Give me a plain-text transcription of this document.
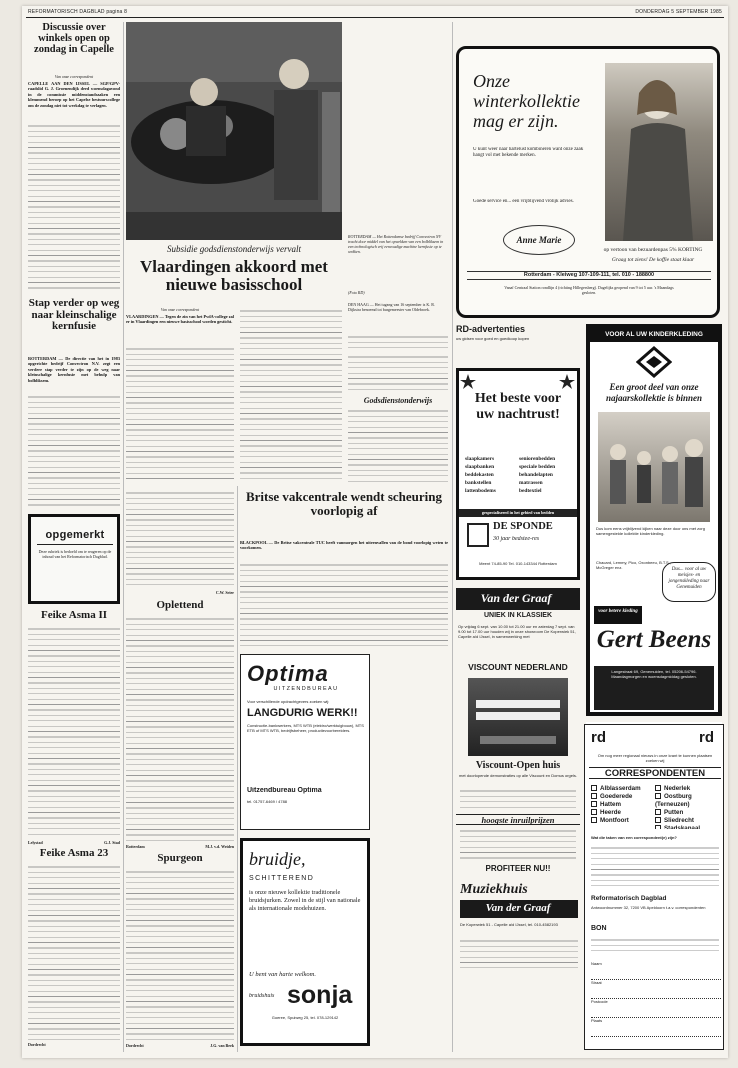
REFORMATORISCH DAGBLAD pagina 8	DONDERDAG 5 SEPTEMBER 1985
Discussie over winkels open op zondag in Capelle
Van onze correspondent
CAPELLE AAN DEN IJSSEL — SGP/GPV-raadslid G. J. Groenendijk deed woensdagavond in de commissie middenstandszaken een klemmend beroep op het Capelse bestuurscollege om de zondag niet tot werkdag te verlagen.
Stap verder op weg naar kleinschalige kernfusie
ROTTERDAM — De directie van het in 1983 opgerichte bedrijf Convectron N.V. zegt een verdere stap verder te zijn op de weg naar kleinschalige kernfusie met behulp van bolbliksem.
opgemerkt
Deze rubriek is bedoeld om te reageren op de inhoud van het Reformatorisch Dagblad.
Feike Asma II
Lelystad	G.J. Stad
Feike Asma 23
Dordrecht
ROTTERDAM — Het Rotterdamse bedrijf Convectron NV tracht door middel van het opwekken van een bolbliksem in een technologisch vrij eenvoudige machine kernfusie op te wekken.
(Foto RD)
DEN HAAG — Het tugang van 16 september is K. R. Dijkstra benoemd tot burgemeester van Oldebroek.
Subsidie godsdienstonderwijs vervalt
Vlaardingen akkoord met nieuwe basisschool
Van onze correspondent
VLAARDINGEN — Tegen de zin van het PvdA-college zal er in Vlaardingen een nieuwe basisschool worden gesticht.
Godsdienstonderwijs
Britse vakcentrale wendt scheuring voorlopig af
BLACKPOOL — De Britse vakcentrale TUC heeft vanmorgen het uiteenvallen van de bond voorlopig weten te voorkomen.
C.W. Srier
Oplettend
Rotterdam	M.J. v.d. Weiden
Spurgeon
Dordrecht	J.G. van Beek
Optima
UITZENDBUREAU
Voor verschillende opdrachtgevers zoeken wij:
LANGDURIG WERK!!
Constructie-bankwerkers, MTS WTB (elektro/werktuigbouw), MTS ETB of MTS WTB, bedrijfsbeheer, productievoorbereiders.
Uitzendbureau Optima
tel. 01757-6469 / 4788
bruidje,
SCHITTEREND
is onze nieuwe kollektie traditionele bruidsjurken. Zowel in de stijl van nationale als internationale modehuizen.
U bent van harte welkom.
bruidshuis sonja
Goeree, Spuiweg 25, tel. 078-129142
Onze
winterkollektie
mag er zijn.
U kunt weer naar hartelust kombineren want onze zaak hangt vol met bekende merken.
Goede service en... een vrijblijvend vrolijk advies.
Anne Marie
op vertoon van bezuardenpas 5% KORTING
Graag tot ziens! De koffie staat klaar
Rotterdam - Kleiweg 107-109-111, tel. 010 - 188800
Vanaf Centraal Station rondlijn 4 (richting Hillegersberg). Dagelijks geopend van 9 tot 5 uur. 's Maandags gesloten.
RD-advertenties
uw gidsen voor goed en goedkoop kopen
Het beste voor uw nachtrust!
slaapkamers
slaapbanken
beddekasten
bankstellen
lattenbodems
seniorenbedden
speciale bedden
behandelapten
matrassen
bedtextiel
gespecialiseerd in het gebied van bedden
DE SPONDE
30 jaar bedstee-res
Meent 74-85-90 Tel. 010-143344 Rotterdam
Van der Graaf
UNIEK IN KLASSIEK
Op vrijdag 6 sept. van 10.00 tot 21.00 uur en zaterdag 7 sept. van 9.00 tot 17.00 uur houden wij in onze showroom De Koperwiek 51, Capelle a/d IJssel, in samenwerking met
VISCOUNT NEDERLAND
Viscount-Open huis
met doorlopende demonstraties op alle Viscount en Domus orgels.
hoogste inruilprijzen
PROFITEER NU!!
Muziekhuis
Van der Graaf
De Koperwiek 51 - Capelle a/d IJssel, tel. 010-4582193
VOOR AL UW KINDERKLEDING
Een groot deel van onze najaarskollektie is binnen
Dus kom eens vrijblijvend kijken naar deze door ons met zorg samengestelde kollektie kinderkleding.
Chacard, Lemmy, Pico, Oxonbeeu, B.T.S., McGreger enz.	Dus... voor al uw meisjes- en jongenskleding naar Genemuiden
voor betere kleding
Gert Beens
Langestraat 69, Genemuiden, tel. 05206-54796. Maandagmorgen en woensdagmiddag gesloten.
rd	rd
Om nog meer regionaal nieuws in onze krant te kunnen plaatsen zoeken wij
CORRESPONDENTEN
Alblasserdam
Goederede
Hattem
Heerde
Montfoort
Nederlek
Oostburg (Terneuzen)
Putten
Sliedrecht
Stadskanaal
Wat die taken van een correspondent(e) zijn?
Reformatorisch Dagblad
Antwoordnummer 32, 7200 VB Apeldoorn t.a.v. correspondenten
BON
Naam
Straat
Postcode
Plaats
